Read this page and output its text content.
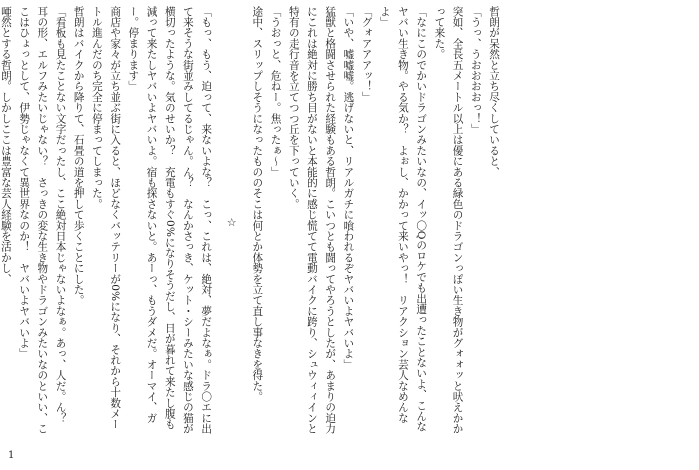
哲朗が呆然と立ち尽くしていると、

「うっ、うおおおおっ！」

突如、全長五メートル以上は優にある緑色のドラゴンっぽい生き物がグォォッと吠えかかって来た。

「なにこのでかいドラゴンみたいなの、イッ〇Qのロケでも出遭ったことないよ、こんなヤバい生き物。やる気か？　よぉし、かかって来いやっ！　リアクション芸人なめんなよ」

「グォアアアッ！」

「いや、嘘嘘嘘。逃げないと、リアルガチに喰われるぞヤバいよヤバいよ」

猛獣と格闘させられた経験もある哲朗。こいつとも闘ってやろうとしたが、あまりの迫力にこれは絶対に勝ち目がないと本能的に感じ慌てて電動バイクに跨り、シュウィィインと特有の走行音を立てつつ丘を下っていく。

「うおっと、危ねー。焦ったぁ～」

途中、スリップしそうになったもののそこは何とか体勢を立て直し事なきを得た。

☆

「もっ、もう、迫って、来ないよな？　こっ、これは、絶対、夢だよなぁ。ドラ〇エに出て来そうな街並みしてるじゃん。ん？　なんかさっき、ケット・シーみたいな感じの猫が横切ったような。気のせいか？　充電もすぐ0%になりそうだし、日が暮れて来たし腹も減って来たしヤバいよヤバいよ。宿も探さないと。あーっ、もうダメだ。オーマイ、ガー。停まります」

商店や家々が立ち並ぶ街に入ると、ほどなくバッテリーが0%になり、それから十数メートル進んだのち完全に停まってしまった。

哲朗はバイクから降りて、石畳の道を押して歩くことにした。

「看板も見たことない文字だったし、ここ絶対日本じゃないよなぁ。あっ、人だ。ん？　耳の形、エルフみたいじゃない？　さっきの変な生き物やドラゴンみたいなのといい、ここはひょっとして、伊勢じゃなくて異世界なのか！　ヤバいよヤバいよ」

唖然とする哲朗。しかしここは豊富な芸人経験を活かし、

1
